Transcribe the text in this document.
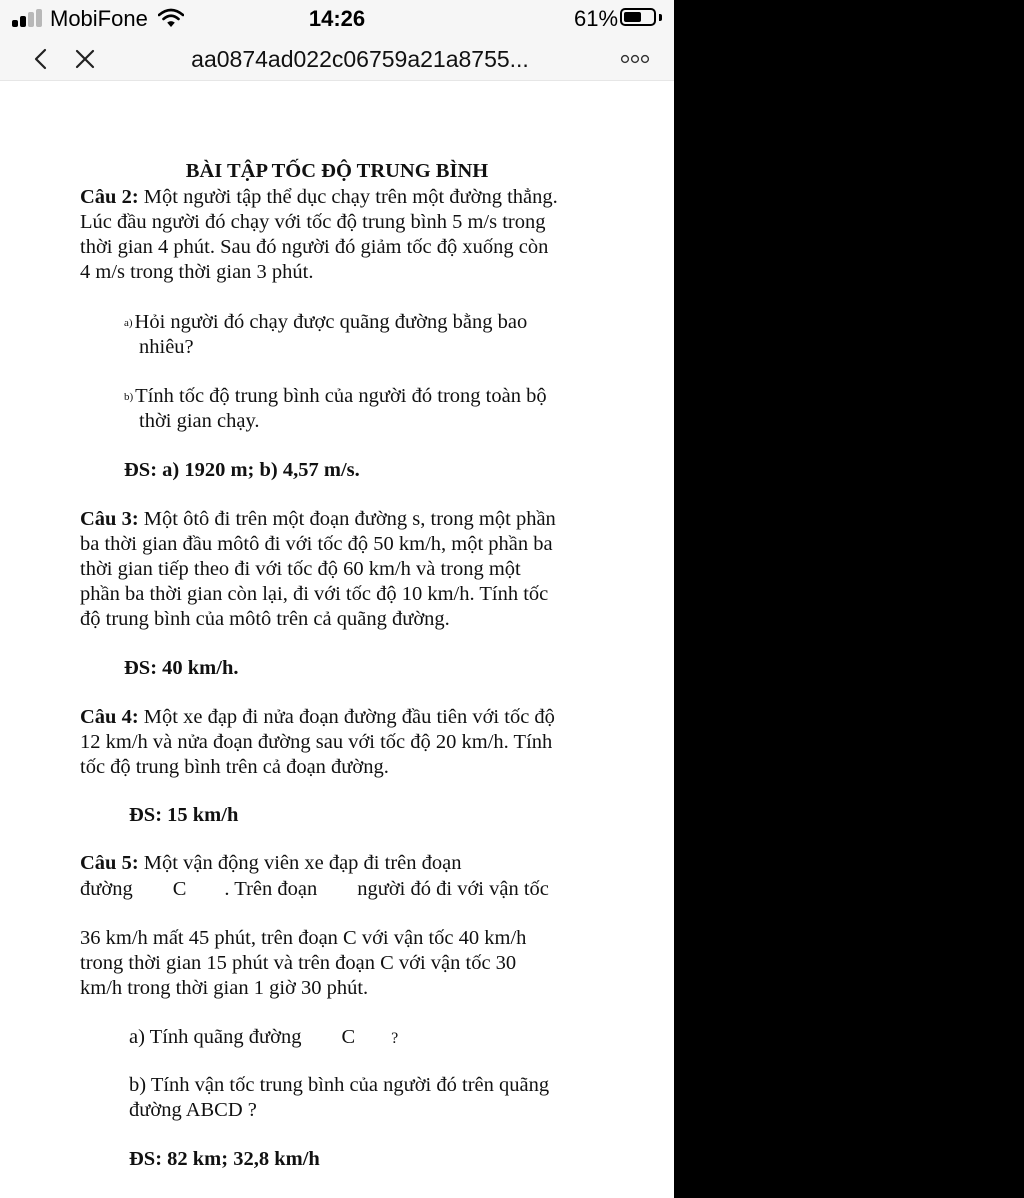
MobiFone	14:26	61%
aa0874ad022c06759a21a8755...
BÀI TẬP TỐC ĐỘ TRUNG BÌNH
Câu 2: Một người tập thể dục chạy trên một đường thẳng.
Lúc đầu người đó chạy với tốc độ trung bình 5 m/s trong
thời gian 4 phút. Sau đó người đó giảm tốc độ xuống còn
4 m/s trong thời gian 3 phút.
a)Hỏi người đó chạy được quãng đường bằng bao
nhiêu?
b)Tính tốc độ trung bình của người đó trong toàn bộ
thời gian chạy.
ĐS: a) 1920 m; b) 4,57 m/s.
Câu 3: Một ôtô đi trên một đoạn đường s, trong một phần
ba thời gian đầu môtô đi với tốc độ 50 km/h, một phần ba
thời gian tiếp theo đi với tốc độ 60 km/h và trong một
phần ba thời gian còn lại, đi với tốc độ 10 km/h. Tính tốc
độ trung bình của môtô trên cả quãng đường.
ĐS: 40 km/h.
Câu 4: Một xe đạp đi nửa đoạn đường đầu tiên với tốc độ
12 km/h và nửa đoạn đường sau với tốc độ 20 km/h. Tính
tốc độ trung bình trên cả đoạn đường.
ĐS: 15 km/h
Câu 5: Một vận động viên xe đạp đi trên đoạn
đường C . Trên đoạn người đó đi với vận tốc
36 km/h mất 45 phút, trên đoạn C với vận tốc 40 km/h
trong thời gian 15 phút và trên đoạn C với vận tốc 30
km/h trong thời gian 1 giờ 30 phút.
a) Tính quãng đường C ?
b) Tính vận tốc trung bình của người đó trên quãng
đường ABCD ?
ĐS: 82 km; 32,8 km/h
